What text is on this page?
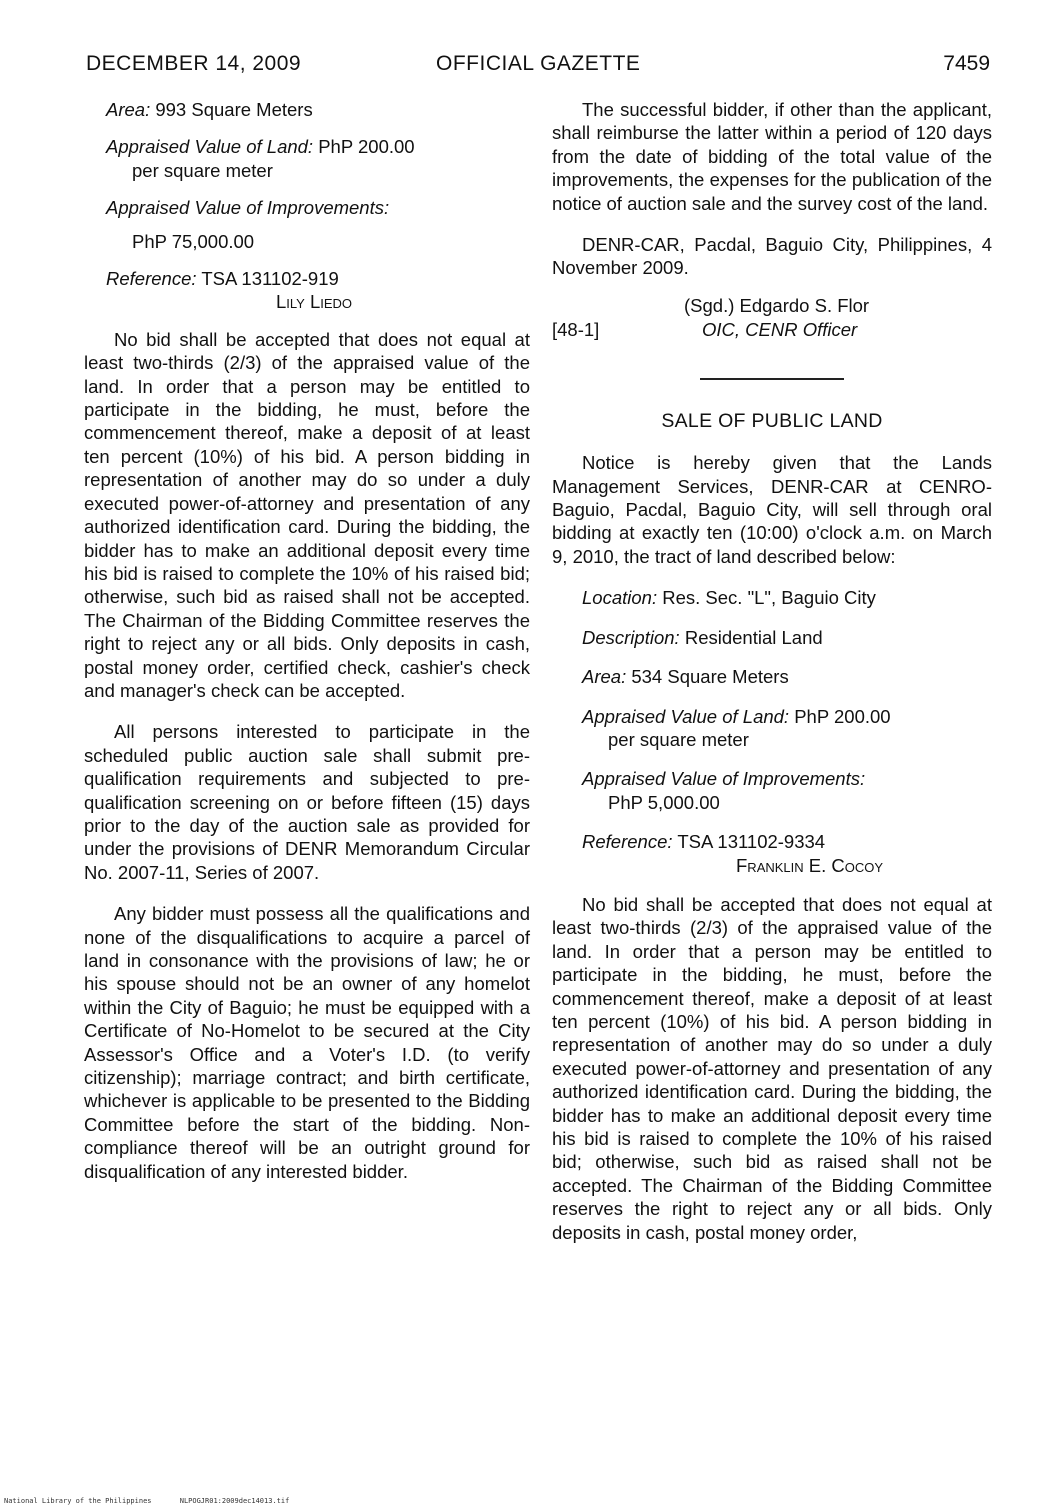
DECEMBER 14, 2009	OFFICIAL GAZETTE	7459

Area: 993 Square Meters

Appraised Value of Land: PhP 200.00

per square meter

Appraised Value of Improvements:

PhP 75,000.00

Reference: TSA 131102-919

Lily Liedo

No bid shall be accepted that does not equal at least two-thirds (2/3) of the appraised value of the land. In order that a person may be entitled to participate in the bidding, he must, before the commencement thereof, make a deposit of at least ten percent (10%) of his bid. A person bidding in representation of another may do so under a duly executed power-of-attorney and presentation of any authorized identification card. During the bidding, the bidder has to make an additional deposit every time his bid is raised to complete the 10% of his raised bid; otherwise, such bid as raised shall not be accepted. The Chairman of the Bidding Committee reserves the right to reject any or all bids. Only deposits in cash, postal money order, certified check, cashier's check and manager's check can be accepted.

All persons interested to participate in the scheduled public auction sale shall submit pre-qualification requirements and subjected to pre-qualification screening on or before fifteen (15) days prior to the day of the auction sale as provided for under the provisions of DENR Memorandum Circular No. 2007-11, Series of 2007.

Any bidder must possess all the qualifications and none of the disqualifications to acquire a parcel of land in consonance with the provisions of law; he or his spouse should not be an owner of any homelot within the City of Baguio; he must be equipped with a Certificate of No-Homelot to be secured at the City Assessor's Office and a Voter's I.D. (to verify citizenship); marriage contract; and birth certificate, whichever is applicable to be presented to the Bidding Committee before the start of the bidding. Non-compliance thereof will be an outright ground for disqualification of any interested bidder.

The successful bidder, if other than the applicant, shall reimburse the latter within a period of 120 days from the date of bidding of the total value of the improvements, the expenses for the publication of the notice of auction sale and the survey cost of the land.

DENR-CAR, Pacdal, Baguio City, Philippines, 4 November 2009.

(Sgd.) Edgardo S. Flor
[48-1]	OIC, CENR Officer

SALE OF PUBLIC LAND

Notice is hereby given that the Lands Management Services, DENR-CAR at CENRO-Baguio, Pacdal, Baguio City, will sell through oral bidding at exactly ten (10:00) o'clock a.m. on March 9, 2010, the tract of land described below:

Location: Res. Sec. "L", Baguio City

Description: Residential Land

Area: 534 Square Meters

Appraised Value of Land: PhP 200.00

per square meter

Appraised Value of Improvements:

PhP 5,000.00

Reference: TSA 131102-9334

Franklin E. Cocoy

No bid shall be accepted that does not equal at least two-thirds (2/3) of the appraised value of the land. In order that a person may be entitled to participate in the bidding, he must, before the commencement thereof, make a deposit of at least ten percent (10%) of his bid. A person bidding in representation of another may do so under a duly executed power-of-attorney and presentation of any authorized identification card. During the bidding, the bidder has to make an additional deposit every time his bid is raised to complete the 10% of his raised bid; otherwise, such bid as raised shall not be accepted. The Chairman of the Bidding Committee reserves the right to reject any or all bids. Only deposits in cash, postal money order,

National Library of the Philippines	NLPOGJR01:2009dec14013.tif
